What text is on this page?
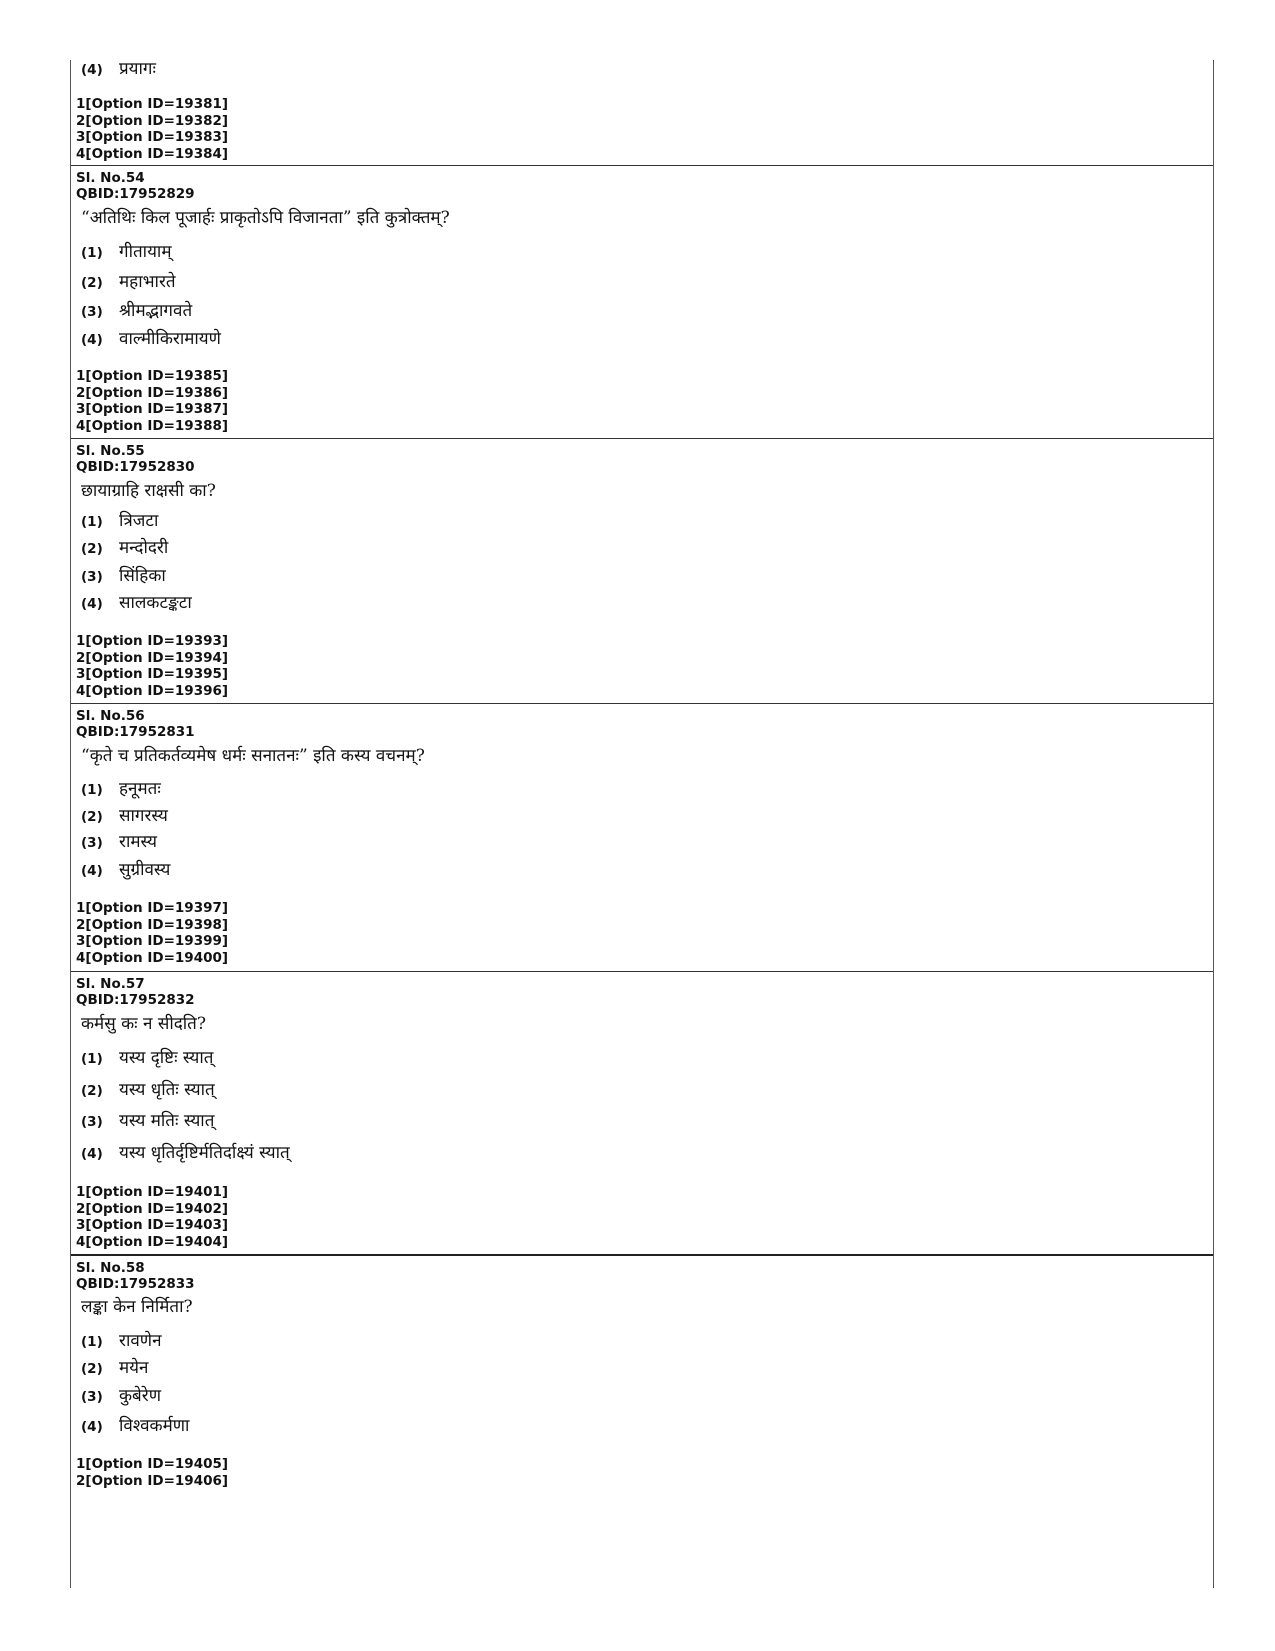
(4) प्रयागः
1[Option ID=19381]
2[Option ID=19382]
3[Option ID=19383]
4[Option ID=19384]
Sl. No.54
QBID:17952829
“अतिथिः किल पूजार्हः प्राकृतोऽपि विजानता” इति कुत्रोक्तम्?
(1) गीतायाम्
(2) महाभारते
(3) श्रीमद्भागवते
(4) वाल्मीकिरामायणे
1[Option ID=19385]
2[Option ID=19386]
3[Option ID=19387]
4[Option ID=19388]
Sl. No.55
QBID:17952830
छायाग्राहि राक्षसी का?
(1) त्रिजटा
(2) मन्दोदरी
(3) सिंहिका
(4) सालकटङ्कटा
1[Option ID=19393]
2[Option ID=19394]
3[Option ID=19395]
4[Option ID=19396]
Sl. No.56
QBID:17952831
“कृते च प्रतिकर्तव्यमेष धर्मः सनातनः” इति कस्य वचनम्?
(1) हनूमतः
(2) सागरस्य
(3) रामस्य
(4) सुग्रीवस्य
1[Option ID=19397]
2[Option ID=19398]
3[Option ID=19399]
4[Option ID=19400]
Sl. No.57
QBID:17952832
कर्मसु कः न सीदति?
(1) यस्य दृष्टिः स्यात्
(2) यस्य धृतिः स्यात्
(3) यस्य मतिः स्यात्
(4) यस्य धृतिर्दृष्टिर्मतिर्दाक्ष्यं स्यात्
1[Option ID=19401]
2[Option ID=19402]
3[Option ID=19403]
4[Option ID=19404]
Sl. No.58
QBID:17952833
लङ्का केन निर्मिता?
(1) रावणेन
(2) मयेन
(3) कुबेरेण
(4) विश्वकर्मणा
1[Option ID=19405]
2[Option ID=19406]
